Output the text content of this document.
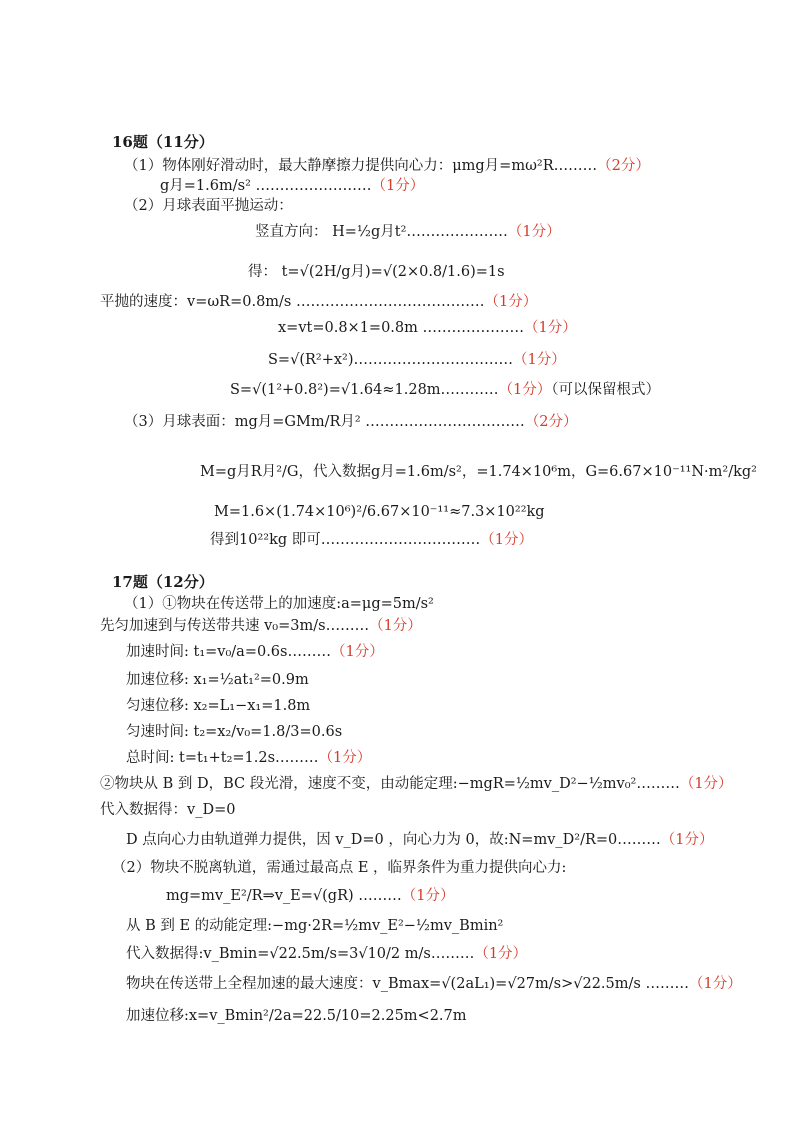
16题（11分）
（1）物体刚好滑动时，最大静摩擦力提供向心力：μmg月=mω²R………（2分）
g月=1.6m/s² ……………………（1分）
（2）月球表面平抛运动：
竖直方向： H=½g月t²…………………（1分）
得： t=√(2H/g月)=√(2×0.8/1.6)=1s
平抛的速度：v=ωR=0.8m/s …………………………………（1分）
x=vt=0.8×1=0.8m …………………（1分）
S=√(R²+x²)……………………………（1分）
S=√(1²+0.8²)=√1.64≈1.28m…………（1分）（可以保留根式）
（3）月球表面：mg月=GMm/R月² ……………………………（2分）
M=g月R月²/G，代入数据g月=1.6m/s²，=1.74×10⁶m，G=6.67×10⁻¹¹N·m²/kg²
M=1.6×(1.74×10⁶)²/6.67×10⁻¹¹≈7.3×10²²kg
得到10²²kg 即可……………………………（1分）
17题（12分）
（1）①物块在传送带上的加速度:a=μg=5m/s²
先匀加速到与传送带共速 v₀=3m/s………（1分）
加速时间: t₁=v₀/a=0.6s………（1分）
加速位移: x₁=½at₁²=0.9m
匀速位移: x₂=L₁−x₁=1.8m
匀速时间: t₂=x₂/v₀=1.8/3=0.6s
总时间: t=t₁+t₂=1.2s………（1分）
②物块从 B 到 D，BC 段光滑，速度不变，由动能定理:−mgR=½mv_D²−½mv₀²………（1分）
代入数据得：v_D=0
D 点向心力由轨道弹力提供，因 v_D=0 ，向心力为 0，故:N=mv_D²/R=0………（1分）
（2）物块不脱离轨道，需通过最高点 E ，临界条件为重力提供向心力:
mg=mv_E²/R⇒v_E=√(gR) ………（1分）
从 B 到 E 的动能定理:−mg·2R=½mv_E²−½mv_Bmin²
代入数据得:v_Bmin=√22.5m/s=3√10/2 m/s………（1分）
物块在传送带上全程加速的最大速度：v_Bmax=√(2aL₁)=√27m/s>√22.5m/s ………（1分）
加速位移:x=v_Bmin²/2a=22.5/10=2.25m<2.7m
